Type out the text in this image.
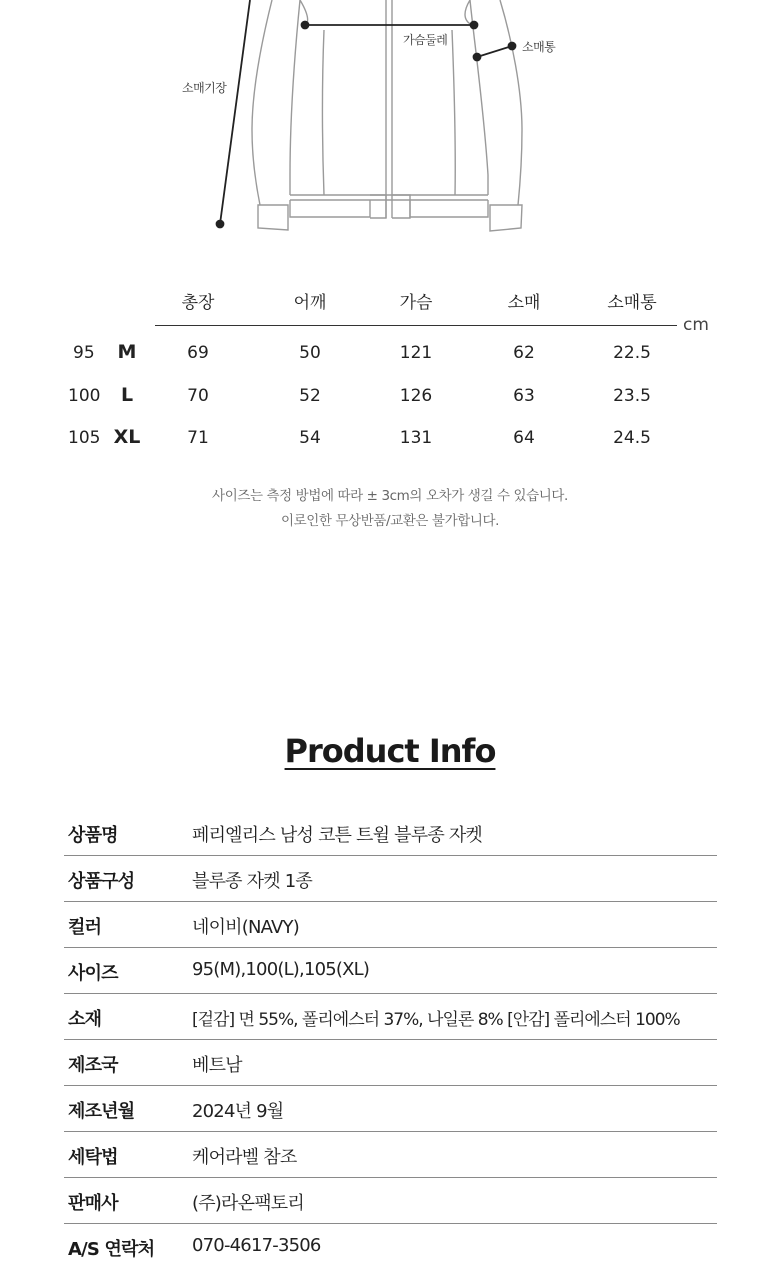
가슴둘레	소매통
소매기장
총장	어깨	가슴	소매	소매통
cm
95 M	69	50	121	62	22.5
100 L	70	52	126	63	23.5
105 XL	71	54	131	64	24.5
사이즈는 측정 방법에 따라 ± 3cm의 오차가 생길 수 있습니다.
이로인한 무상반품/교환은 불가합니다.
Product Info
상품명	페리엘리스 남성 코튼 트윌 블루종 자켓
상품구성	블루종 자켓 1종
컬러	네이비(NAVY)
사이즈	95(M),100(L),105(XL)
소재	[겉감] 면 55%, 폴리에스터 37%, 나일론 8% [안감] 폴리에스터 100%
제조국	베트남
제조년월	2024년 9월
세탁법	케어라벨 참조
판매사	(주)라온팩토리
A/S 연락처 070-4617-3506
